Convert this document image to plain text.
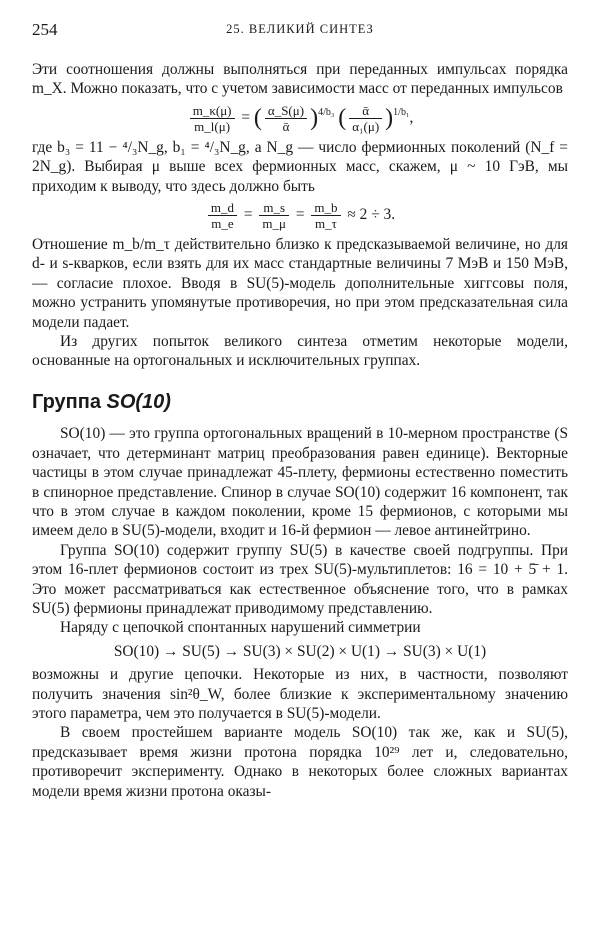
254	25. ВЕЛИКИЙ СИНТЕЗ

Эти соотношения должны выполняться при переданных импульсах порядка m_X. Можно показать, что с учетом зависимости масс от переданных импульсов

$\frac{m\_\kappa(\mu)}{m\_l(\mu)}$ = ( $\frac{\alpha\_S(\mu)}{\text{ᾱ}} )^{4/b_3}$ ( $\frac{\text{ᾱ}}{\text{α₁(μ)}} )^{1/b_1}$,

где b₃ = 11 − ⁴/₃N_g, b₁ = ⁴/₃N_g, а N_g — число фермионных поколений (N_f = 2N_g). Выбирая μ выше всех фермионных масс, скажем, μ ~ 10 ГэВ, мы приходим к выводу, что здесь должно быть

$\frac{m\_d}{m\_e} = \frac{m\_s}{m\_\mu} = \frac{m\_b}{m\_\tau} \approx 2 \div 3$.

Отношение m_b/m_τ действительно близко к предсказываемой величине, но для d- и s-кварков, если взять для их масс стандартные величины 7 МэВ и 150 МэВ, — согласие плохое. Вводя в SU(5)-модель дополнительные хиггсовы поля, можно устранить упомянутые противоречия, но при этом предсказательная сила модели падает.

Из других попыток великого синтеза отметим некоторые модели, основанные на ортогональных и исключительных группах.

Группа SO(10)

SO(10) — это группа ортогональных вращений в 10-мерном пространстве (S означает, что детерминант матриц преобразования равен единице). Векторные частицы в этом случае принадлежат 45-плету, фермионы естественно поместить в спинорное представление. Спинор в случае SO(10) содержит 16 компонент, так что в этом случае в каждом поколении, кроме 15 фермионов, с которыми мы имеем дело в SU(5)-модели, входит и 16-й фермион — левое антинейтрино.

Группа SO(10) содержит группу SU(5) в качестве своей подгруппы. При этом 16-плет фермионов состоит из трех SU(5)-мультиплетов: 16 = 10 + 5̄ + 1. Это может рассматриваться как естественное объяснение того, что в рамках SU(5) фермионы принадлежат приводимому представлению.

Наряду с цепочкой спонтанных нарушений симметрии

SO(10) → SU(5) → SU(3) × SU(2) × U(1) → SU(3) × U(1)

возможны и другие цепочки. Некоторые из них, в частности, позволяют получить значения sin²θ_W, более близкие к экспериментальному значению этого параметра, чем это получается в SU(5)-модели.

В своем простейшем варианте модель SO(10) так же, как и SU(5), предсказывает время жизни протона порядка 10²⁹ лет и, следовательно, противоречит эксперименту. Однако в некоторых более сложных вариантах модели время жизни протона оказы-
